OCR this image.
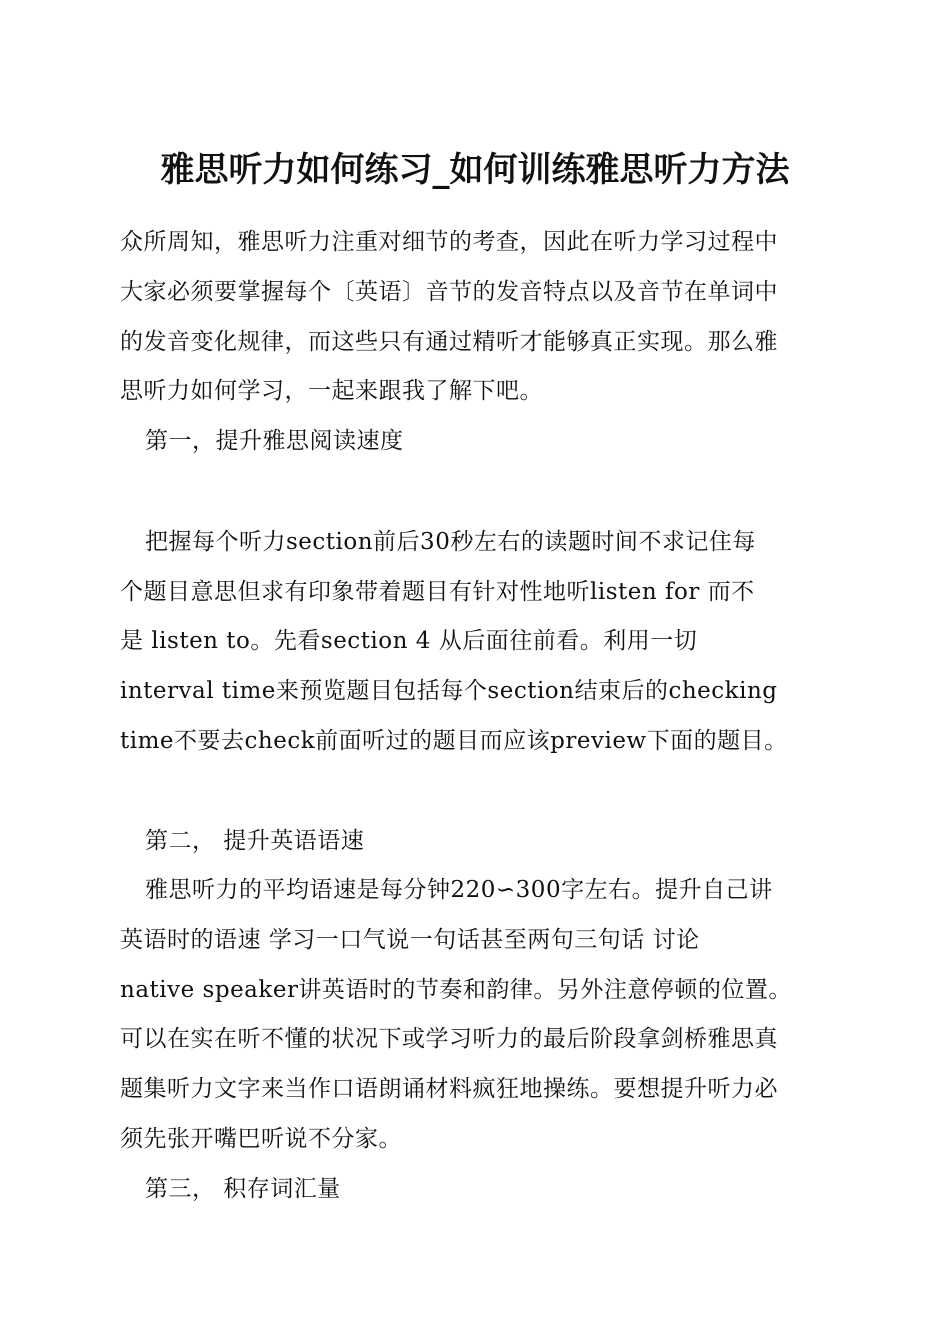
雅思听力如何练习_如何训练雅思听力方法
众所周知，雅思听力注重对细节的考查，因此在听力学习过程中
大家必须要掌握每个〔英语〕音节的发音特点以及音节在单词中
的发音变化规律，而这些只有通过精听才能够真正实现。那么雅
思听力如何学习，一起来跟我了解下吧。
第一，提升雅思阅读速度
把握每个听力section前后30秒左右的读题时间不求记住每
个题目意思但求有印象带着题目有针对性地听listen for 而不
是 listen to。先看section 4 从后面往前看。利用一切
interval time来预览题目包括每个section结束后的checking
time不要去check前面听过的题目而应该preview下面的题目。
第二， 提升英语语速
雅思听力的平均语速是每分钟220∽300字左右。提升自己讲
英语时的语速 学习一口气说一句话甚至两句三句话 讨论
native speaker讲英语时的节奏和韵律。另外注意停顿的位置。
可以在实在听不懂的状况下或学习听力的最后阶段拿剑桥雅思真
题集听力文字来当作口语朗诵材料疯狂地操练。要想提升听力必
须先张开嘴巴听说不分家。
第三， 积存词汇量
